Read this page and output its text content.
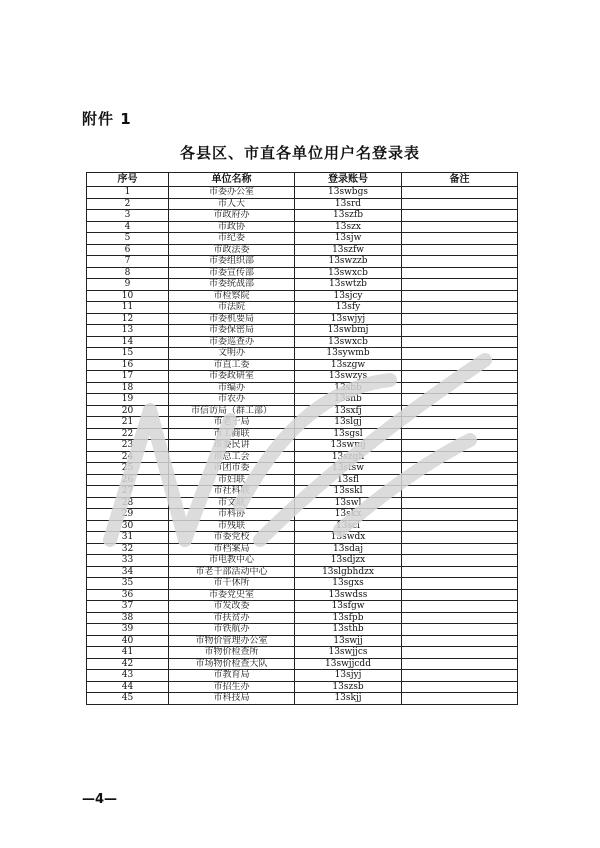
附件 1
各县区、市直各单位用户名登录表
序号	单位名称	登录账号	备注
1	市委办公室	13swbgs	
2	市人大	13srd	
3	市政府办	13szfb	
4	市政协	13szx	
5	市纪委	13sjw	
6	市政法委	13szfw	
7	市委组织部	13swzzb	
8	市委宣传部	13swxcb	
9	市委统战部	13swtzb	
10	市检察院	13sjcy	
11	市法院	13sfy	
12	市委机要局	13swjyj	
13	市委保密局	13swbmj	
14	市委巡查办	13swxcb	
15	文明办	13sywmb	
16	市直工委	13szgw	
17	市委政研室	13swzys	
18	市编办	13sbb	
19	市农办	13snb	
20	市信访局（群工部）	13sxfj	
21	市老干局	13slgj	
22	市工商联	13sgsl	
23	市委民讲	13swmj	
24	市总工会	13szgh	
25	市团市委	13stsw	
26	市妇联	13sfl	
27	市社科联	13sskl	
28	市文联	13swl	
29	市科协	13skx	
30	市残联	13scl	
31	市委党校	13swdx	
32	市档案局	13sdaj	
33	市电教中心	13sdjzx	
34	市老干部活动中心	13slgbhdzx	
35	市干休所	13sgxs	
36	市委党史室	13swdss	
37	市发改委	13sfgw	
38	市扶贫办	13sfpb	
39	市铁航办	13sthb	
40	市物价管理办公室	13swjj	
41	市物价检查所	13swjjcs	
42	市场物价检查大队	13swjjcdd	
43	市教育局	13sjyj	
44	市招生办	13szsb	
45	市科技局	13skjj	
—4—
